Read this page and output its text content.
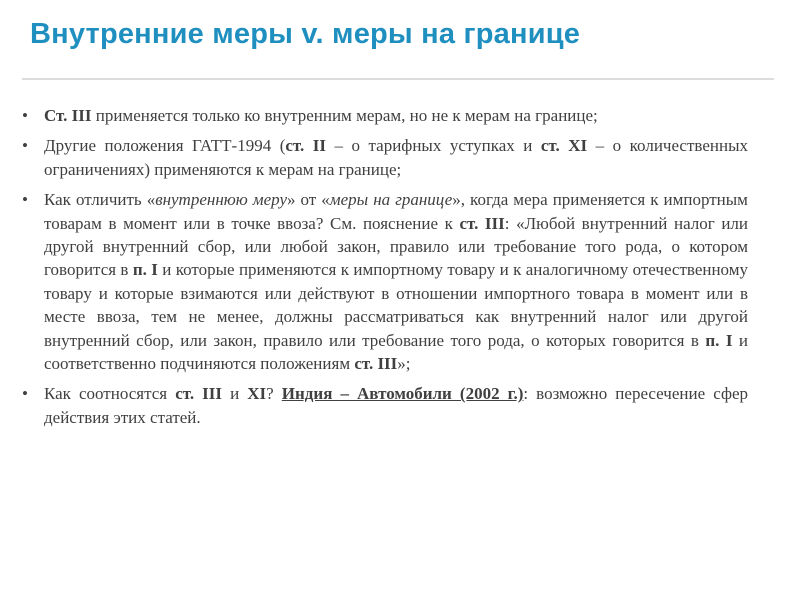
Внутренние меры v. меры на границе
• Ст. III применяется только ко внутренним мерам, но не к мерам на границе;
• Другие положения ГАТТ-1994 (ст. II – о тарифных уступках и ст. XI – о количественных ограничениях) применяются к мерам на границе;
• Как отличить «внутреннюю меру» от «меры на границе», когда мера применяется к импортным товарам в момент или в точке ввоза? См. пояснение к ст. III: «Любой внутренний налог или другой внутренний сбор, или любой закон, правило или требование того рода, о котором говорится в п. I и которые применяются к импортному товару и к аналогичному отечественному товару и которые взимаются или действуют в отношении импортного товара в момент или в месте ввоза, тем не менее, должны рассматриваться как внутренний налог или другой внутренний сбор, или закон, правило или требование того рода, о которых говорится в п. I и соответственно подчиняются положениям ст. III»;
• Как соотносятся ст. III и XI? Индия – Автомобили (2002 г.): возможно пересечение сфер действия этих статей.
